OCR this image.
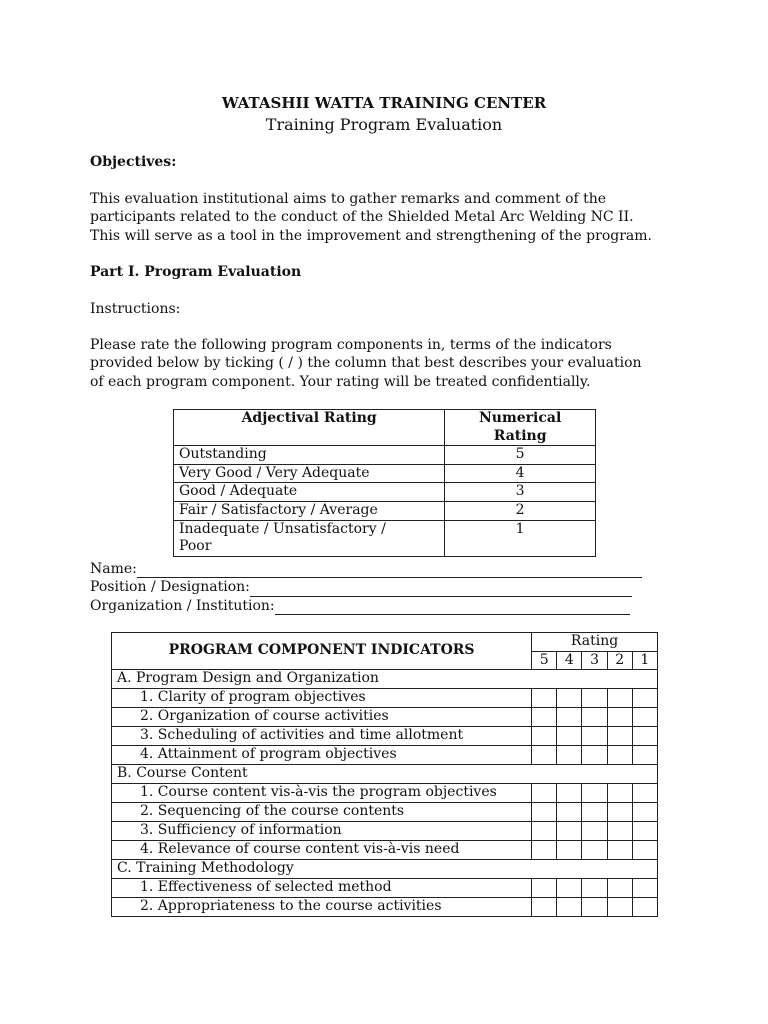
WATASHII WATTA TRAINING CENTER
Training Program Evaluation
Objectives:
This evaluation institutional aims to gather remarks and comment of the
participants related to the conduct of the Shielded Metal Arc Welding NC II.
This will serve as a tool in the improvement and strengthening of the program.
Part I. Program Evaluation
Instructions:
Please rate the following program components in, terms of the indicators
provided below by ticking ( / ) the column that best describes your evaluation
of each program component. Your rating will be treated confidentially.
Adjectival Rating	Numerical Rating
Outstanding	5
Very Good / Very Adequate	4
Good / Adequate	3
Fair / Satisfactory / Average	2

Inadequate / Unsatisfactory /
Poor	1
Name:
Position / Designation:
Organization / Institution:
PROGRAM COMPONENT INDICATORS	Rating				
	5	4	3	2	1
A. Program Design and Organization					
1. Clarity of program objectives					
2. Organization of course activities					
3. Scheduling of activities and time allotment					
4. Attainment of program objectives					
B. Course Content					
1. Course content vis-à-vis the program objectives					
2. Sequencing of the course contents					
3. Sufficiency of information					
4. Relevance of course content vis-à-vis need					
C. Training Methodology					
1. Effectiveness of selected method					
2. Appropriateness to the course activities					
